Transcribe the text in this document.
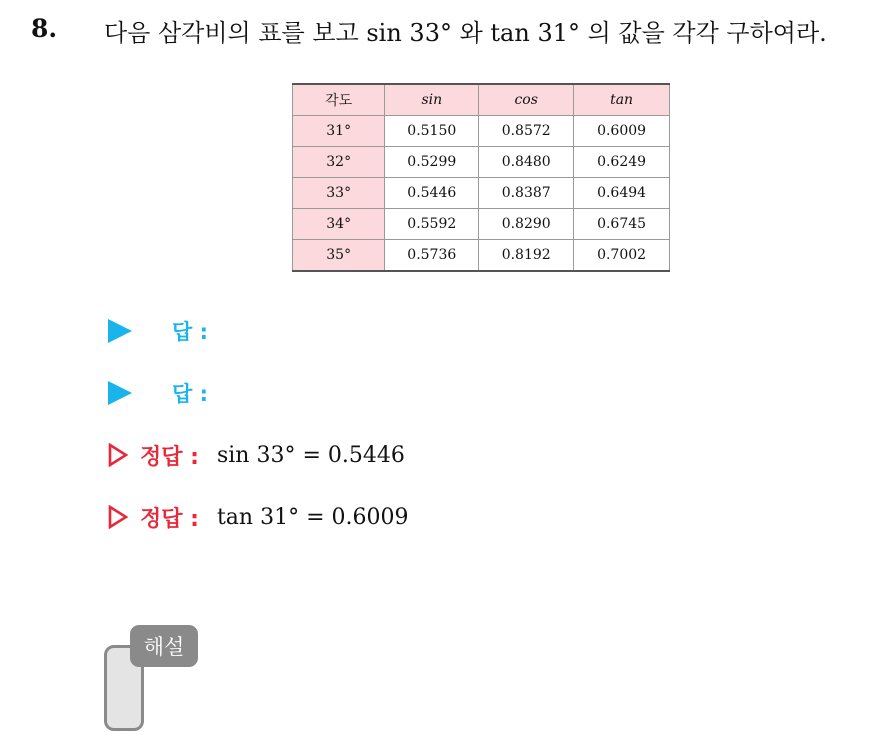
8. 다음 삼각비의 표를 보고 sin 33° 와 tan 31° 의 값을 각각 구하여라.
각도	sin	cos	tan
31°	0.5150	0.8572	0.6009
32°	0.5299	0.8480	0.6249
33°	0.5446	0.8387	0.6494
34°	0.5592	0.8290	0.6745
35°	0.5736	0.8192	0.7002
답 :
답 :
정답 : sin 33° = 0.5446
정답 : tan 31° = 0.6009
해설
